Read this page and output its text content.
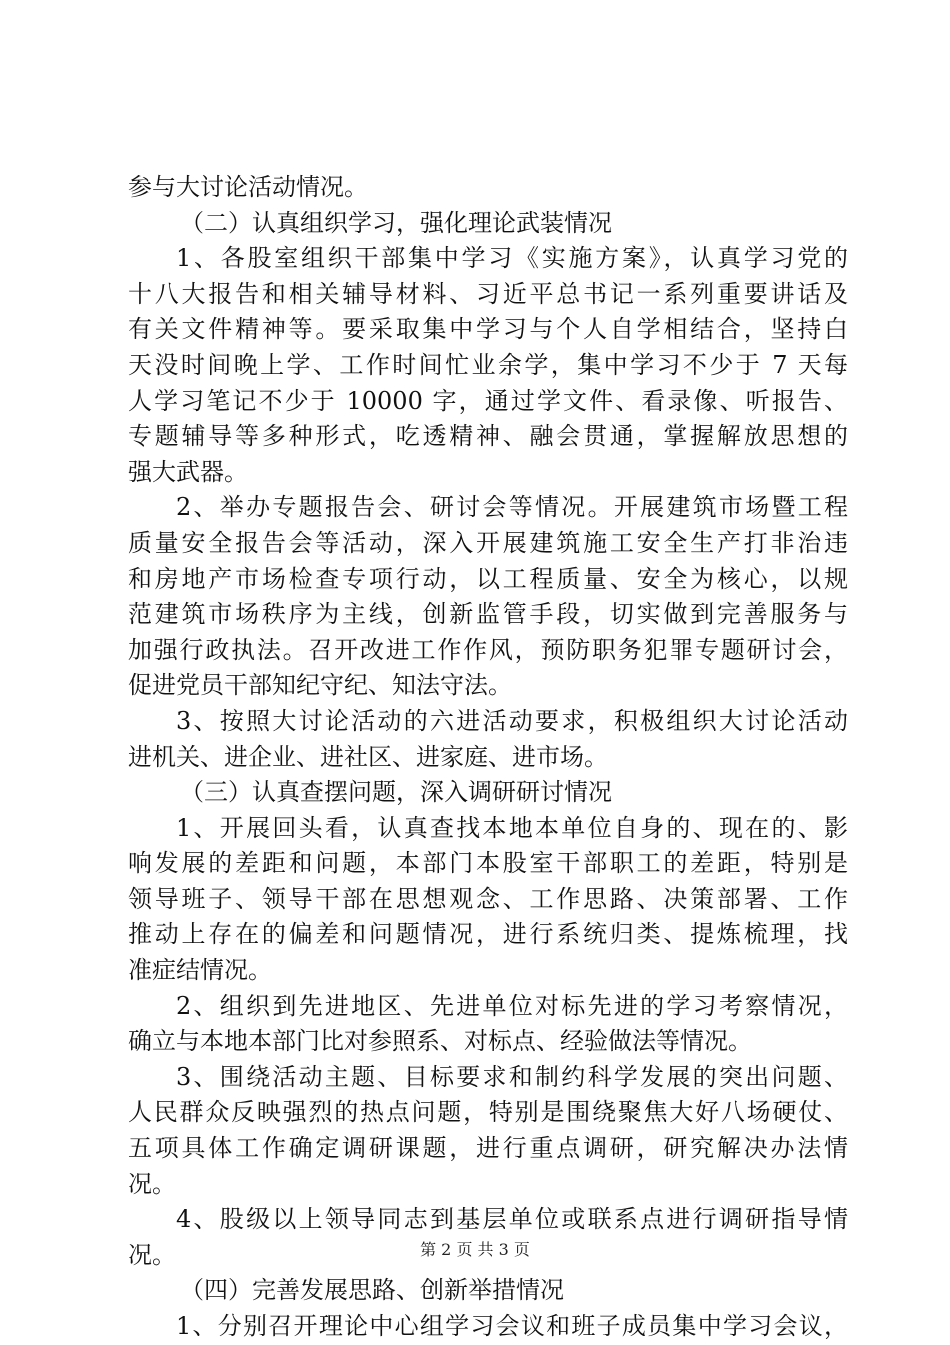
参与大讨论活动情况。
（二）认真组织学习，强化理论武装情况
1、各股室组织干部集中学习《实施方案》，认真学习党的
十八大报告和相关辅导材料、习近平总书记一系列重要讲话及
有关文件精神等。要采取集中学习与个人自学相结合，坚持白
天没时间晚上学、工作时间忙业余学，集中学习不少于 7 天每
人学习笔记不少于 10000 字，通过学文件、看录像、听报告、
专题辅导等多种形式，吃透精神、融会贯通，掌握解放思想的
强大武器。
2、举办专题报告会、研讨会等情况。开展建筑市场暨工程
质量安全报告会等活动，深入开展建筑施工安全生产打非治违
和房地产市场检查专项行动，以工程质量、安全为核心，以规
范建筑市场秩序为主线，创新监管手段，切实做到完善服务与
加强行政执法。召开改进工作作风，预防职务犯罪专题研讨会，
促进党员干部知纪守纪、知法守法。
3、按照大讨论活动的六进活动要求，积极组织大讨论活动
进机关、进企业、进社区、进家庭、进市场。
（三）认真查摆问题，深入调研研讨情况
1、开展回头看，认真查找本地本单位自身的、现在的、影
响发展的差距和问题，本部门本股室干部职工的差距，特别是
领导班子、领导干部在思想观念、工作思路、决策部署、工作
推动上存在的偏差和问题情况，进行系统归类、提炼梳理，找
准症结情况。
2、组织到先进地区、先进单位对标先进的学习考察情况，
确立与本地本部门比对参照系、对标点、经验做法等情况。
3、围绕活动主题、目标要求和制约科学发展的突出问题、
人民群众反映强烈的热点问题，特别是围绕聚焦大好八场硬仗、
五项具体工作确定调研课题，进行重点调研，研究解决办法情
况。
4、股级以上领导同志到基层单位或联系点进行调研指导情
况。
（四）完善发展思路、创新举措情况
1、分别召开理论中心组学习会议和班子成员集中学习会议，
第 2 页 共 3 页
